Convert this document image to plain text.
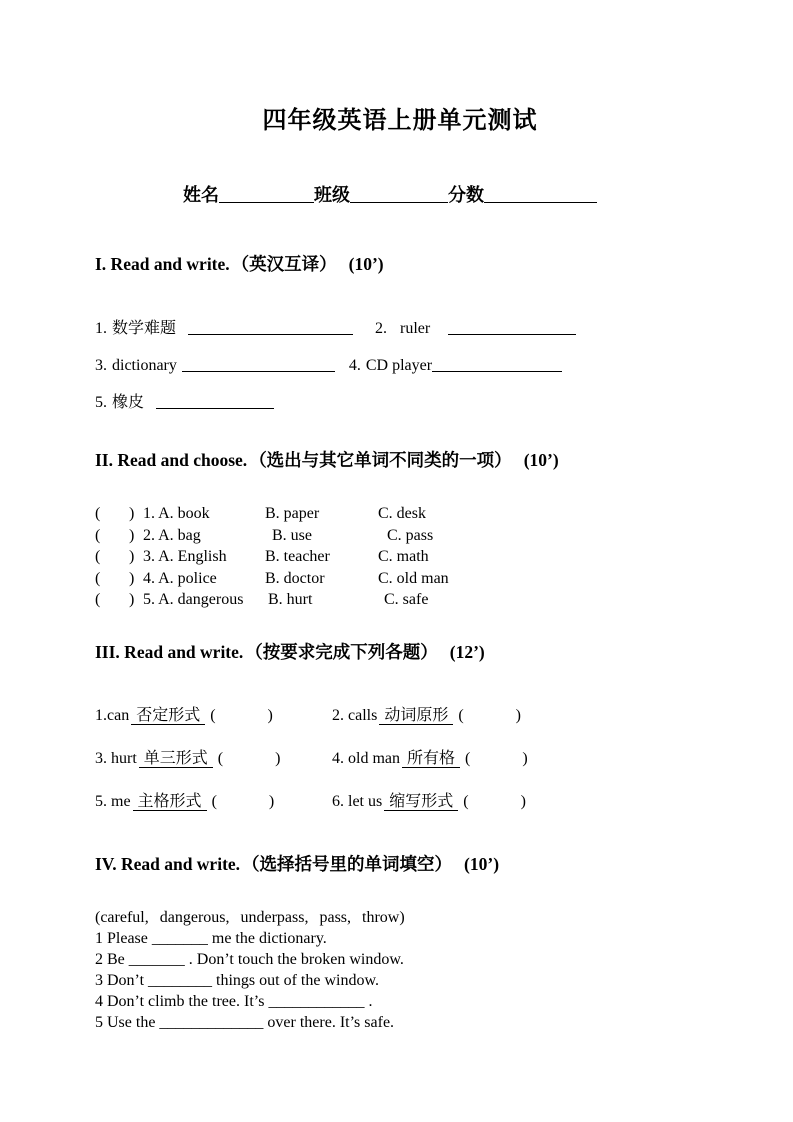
四年级英语上册单元测试
姓名	班级	分数
I. Read and write. （英汉互译） (10’)
1. 数学难题	2. ruler
3. dictionary	4. CD player
5. 橡皮
II. Read and choose. （选出与其它单词不同类的一项） (10’)
( ) 1. A. book	B. paper	C. desk
( ) 2. A. bag	B. use	C. pass
( ) 3. A. English	B. teacher	C. math
( ) 4. A. police	B. doctor	C. old man
( ) 5. A. dangerous	B. hurt	C. safe
III. Read and write. （按要求完成下列各题） (12’)
1.can 否定形式 (	)	2. calls 动词原形 (	)
3. hurt 单三形式 (	)	4. old man 所有格 (	)
5. me 主格形式 (	)	6. let us 缩写形式 (	)
IV. Read and write. （选择括号里的单词填空） (10’)
(careful, dangerous, underpass, pass, throw)
1 Please _______ me the dictionary.
2 Be _______ . Don’t touch the broken window.
3 Don’t ________ things out of the window.
4 Don’t climb the tree. It’s ____________ .
5 Use the _____________ over there. It’s safe.
